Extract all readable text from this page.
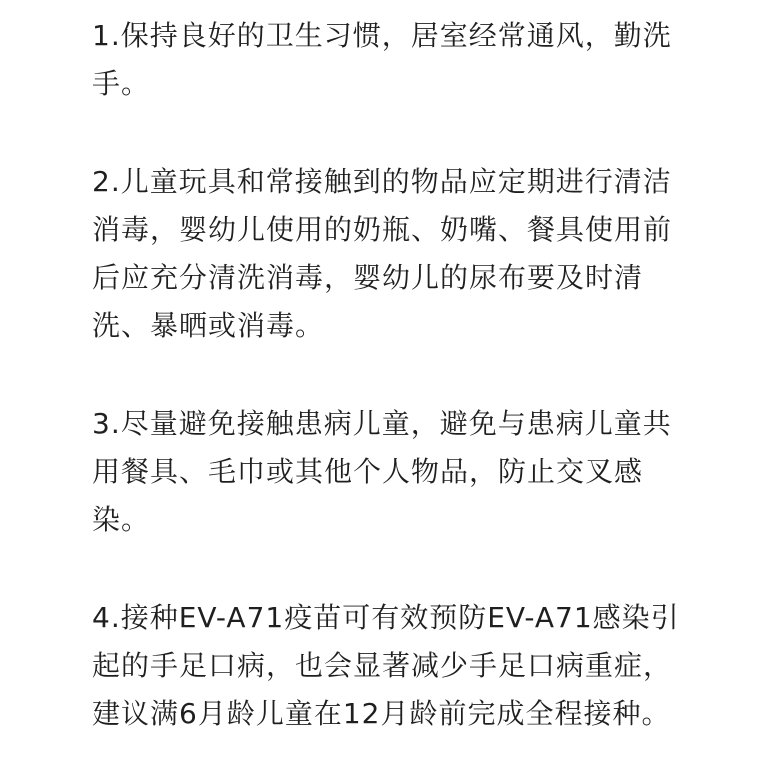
1.保持良好的卫生习惯，居室经常通风，勤洗手。

2.儿童玩具和常接触到的物品应定期进行清洁消毒，婴幼儿使用的奶瓶、奶嘴、餐具使用前后应充分清洗消毒，婴幼儿的尿布要及时清洗、暴晒或消毒。

3.尽量避免接触患病儿童，避免与患病儿童共用餐具、毛巾或其他个人物品，防止交叉感染。

4.接种EV-A71疫苗可有效预防EV-A71感染引起的手足口病，也会显著减少手足口病重症，建议满6月龄儿童在12月龄前完成全程接种。
